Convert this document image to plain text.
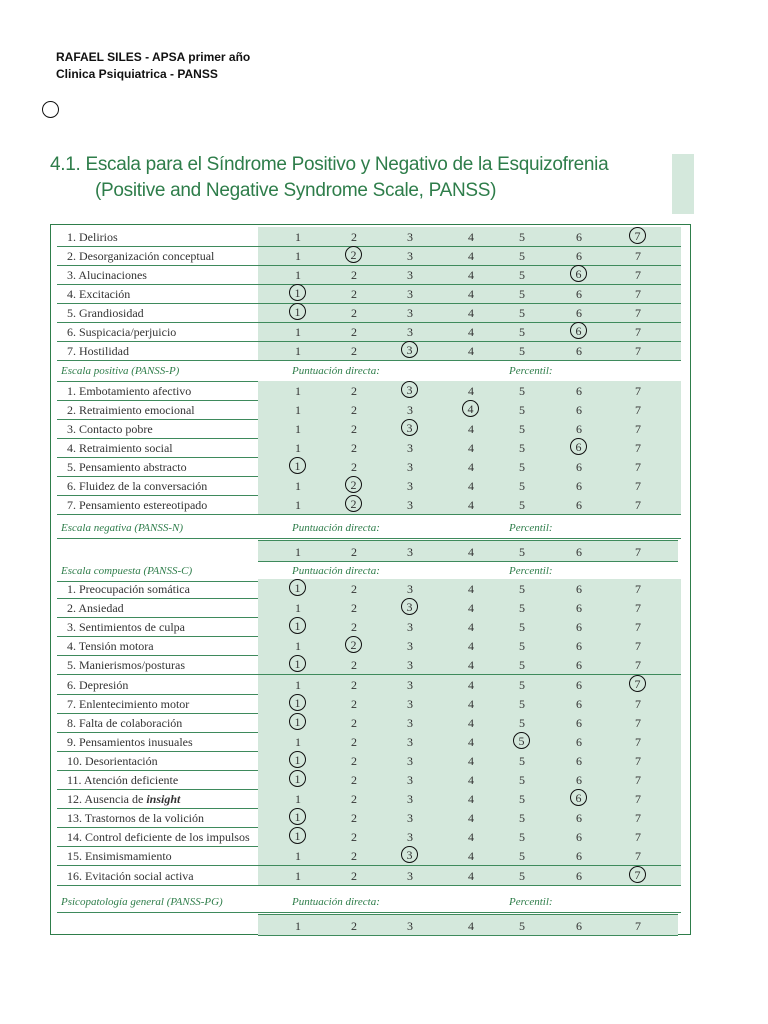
RAFAEL SILES - APSA primer año
Clinica Psiquiatrica - PANSS
4.1. Escala para el Síndrome Positivo y Negativo de la Esquizofrenia
(Positive and Negative Syndrome Scale, PANSS)
1. Delirios	1	2	3	4	5	6	7
2. Desorganización conceptual	1	2	3	4	5	6	7
3. Alucinaciones	1	2	3	4	5	6	7
4. Excitación	1	2	3	4	5	6	7
5. Grandiosidad	1	2	3	4	5	6	7
6. Suspicacia/perjuicio	1	2	3	4	5	6	7
7. Hostilidad	1	2	3	4	5	6	7
Escala positiva (PANSS-P)	Puntuación directa:	Percentil:
1. Embotamiento afectivo	1	2	3	4	5	6	7
2. Retraimiento emocional	1	2	3	4	5	6	7
3. Contacto pobre	1	2	3	4	5	6	7
4. Retraimiento social	1	2	3	4	5	6	7
5. Pensamiento abstracto	1	2	3	4	5	6	7
6. Fluidez de la conversación	1	2	3	4	5	6	7
7. Pensamiento estereotipado	1	2	3	4	5	6	7
Escala negativa (PANSS-N)	Puntuación directa:	Percentil:
1	2	3	4	5	6	7
Escala compuesta (PANSS-C)	Puntuación directa:	Percentil:
1. Preocupación somática	1	2	3	4	5	6	7
2. Ansiedad	1	2	3	4	5	6	7
3. Sentimientos de culpa	1	2	3	4	5	6	7
4. Tensión motora	1	2	3	4	5	6	7
5. Manierismos/posturas	1	2	3	4	5	6	7
6. Depresión	1	2	3	4	5	6	7
7. Enlentecimiento motor	1	2	3	4	5	6	7
8. Falta de colaboración	1	2	3	4	5	6	7
9. Pensamientos inusuales	1	2	3	4	5	6	7
10. Desorientación	1	2	3	4	5	6	7
11. Atención deficiente	1	2	3	4	5	6	7
12. Ausencia de insight	1	2	3	4	5	6	7
13. Trastornos de la volición	1	2	3	4	5	6	7
14. Control deficiente de los impulsos	1	2	3	4	5	6	7
15. Ensimismamiento	1	2	3	4	5	6	7
16. Evitación social activa	1	2	3	4	5	6	7
Psicopatología general (PANSS-PG)	Puntuación directa:	Percentil:
1	2	3	4	5	6	7
